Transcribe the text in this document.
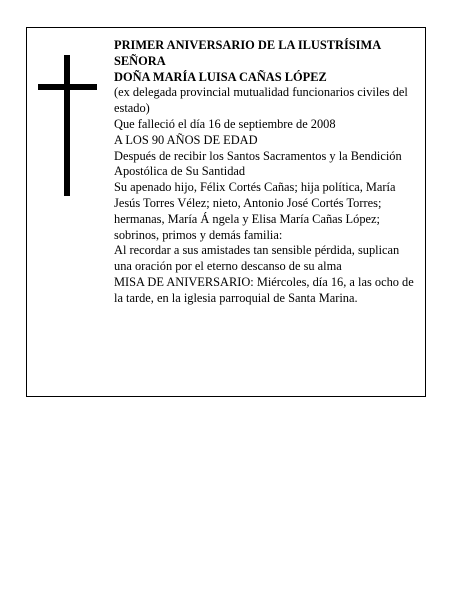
PRIMER ANIVERSARIO DE LA ILUSTRÍSIMA SEÑORA
DOÑA MARÍA LUISA CAÑAS LÓPEZ
(ex delegada provincial mutualidad funcionarios civiles del estado)
Que falleció el día 16 de septiembre de 2008
A LOS 90 AÑOS DE EDAD
Después de recibir los Santos Sacramentos y la Bendición Apostólica de Su Santidad
Su apenado hijo, Félix Cortés Cañas; hija política, María Jesús Torres Vélez; nieto, Antonio José Cortés Torres; hermanas, María Á ngela y Elisa María Cañas López; sobrinos, primos y demás familia:
Al recordar a sus amistades tan sensible pérdida, suplican una oración por el eterno descanso de su alma
MISA DE ANIVERSARIO: Miércoles, día 16, a las ocho de la tarde, en la iglesia parroquial de Santa Marina.
